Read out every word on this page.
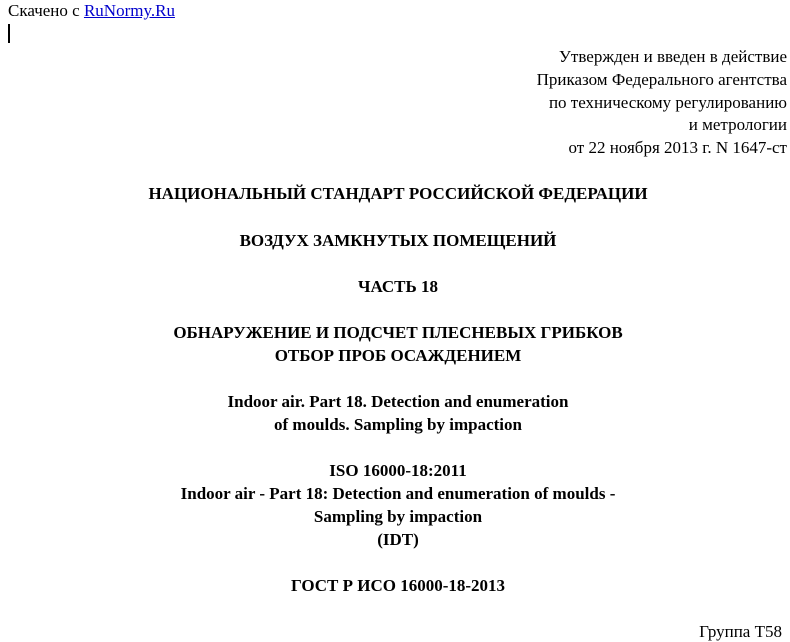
Скачено с RuNormy.Ru
Утвержден и введен в действие
Приказом Федерального агентства
по техническому регулированию
и метрологии
от 22 ноября 2013 г. N 1647-ст
НАЦИОНАЛЬНЫЙ СТАНДАРТ РОССИЙСКОЙ ФЕДЕРАЦИИ
ВОЗДУХ ЗАМКНУТЫХ ПОМЕЩЕНИЙ
ЧАСТЬ 18
ОБНАРУЖЕНИЕ И ПОДСЧЕТ ПЛЕСНЕВЫХ ГРИБКОВ
ОТБОР ПРОБ ОСАЖДЕНИЕМ
Indoor air. Part 18. Detection and enumeration
of moulds. Sampling by impaction
ISO 16000-18:2011
Indoor air - Part 18: Detection and enumeration of moulds -
Sampling by impaction
(IDT)
ГОСТ Р ИСО 16000-18-2013
Группа Т58
